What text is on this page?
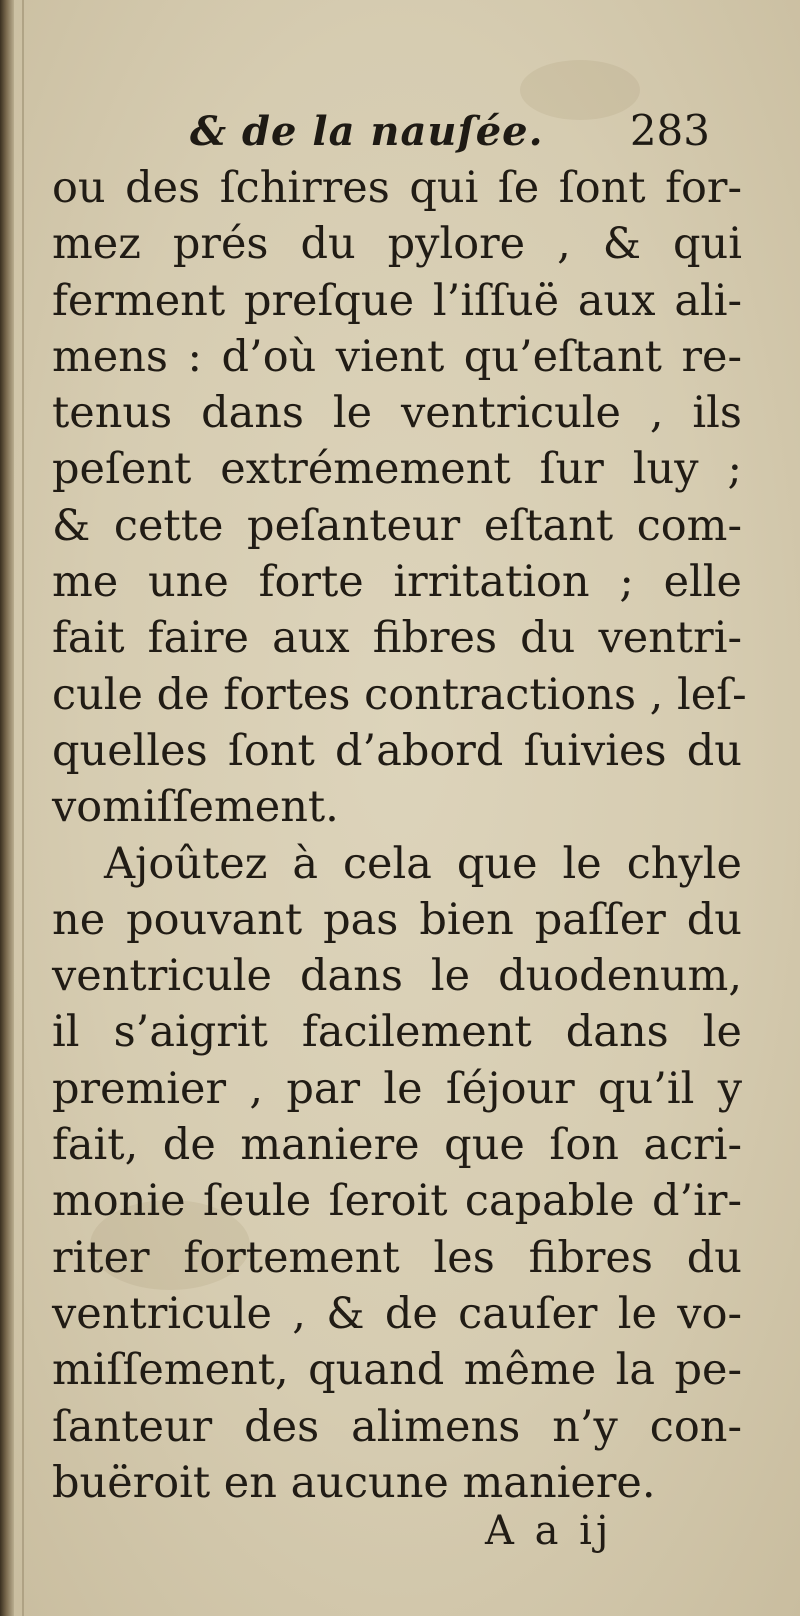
& de la nauſée. 283
ou des ſchirres qui ſe ſont for-
mez prés du pylore , & qui
ferment preſque l’iſſuë aux ali-
mens : d’où vient qu’eſtant re-
tenus dans le ventricule , ils
peſent extrémement ſur luy ;
& cette peſanteur eſtant com-
me une forte irritation ; elle
fait faire aux fibres du ventri-
cule de fortes contractions , leſ-
quelles ſont d’abord ſuivies du
vomiſſement.
Ajoûtez à cela que le chyle
ne pouvant pas bien paſſer du
ventricule dans le duodenum,
il s’aigrit facilement dans le
premier , par le ſéjour qu’il y
fait, de maniere que ſon acri-
monie ſeule ſeroit capable d’ir-
riter fortement les fibres du
ventricule , & de cauſer le vo-
miſſement, quand même la pe-
ſanteur des alimens n’y con-
buëroit en aucune maniere.
A a ij
